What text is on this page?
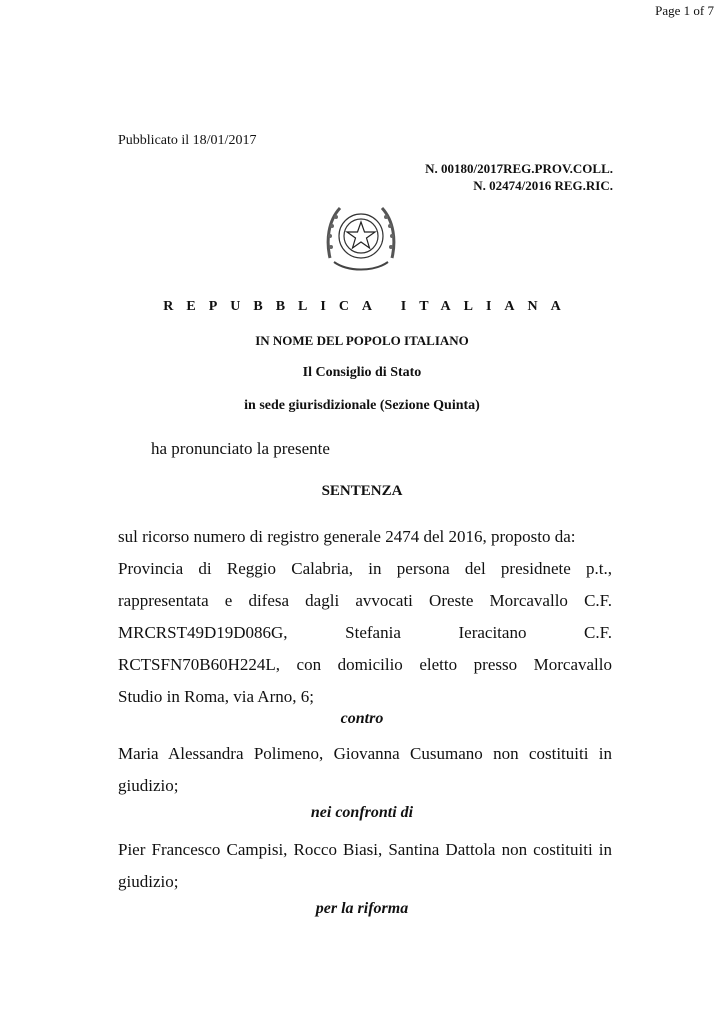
Page 1 of 7
Pubblicato il 18/01/2017
N. 00180/2017REG.PROV.COLL.
N. 02474/2016 REG.RIC.
REPUBBLICA ITALIANA
IN NOME DEL POPOLO ITALIANO
Il Consiglio di Stato
in sede giurisdizionale (Sezione Quinta)
ha pronunciato la presente
SENTENZA
sul ricorso numero di registro generale 2474 del 2016, proposto da:
Provincia di Reggio Calabria, in persona del presidnete p.t.,
rappresentata e difesa dagli avvocati Oreste Morcavallo C.F.
MRCRST49D19D086G, Stefania Ieracitano C.F.
RCTSFN70B60H224L, con domicilio eletto presso Morcavallo
Studio in Roma, via Arno, 6;
contro
Maria Alessandra Polimeno, Giovanna Cusumano non costituiti in
giudizio;
nei confronti di
Pier Francesco Campisi, Rocco Biasi, Santina Dattola non costituiti in
giudizio;
per la riforma
